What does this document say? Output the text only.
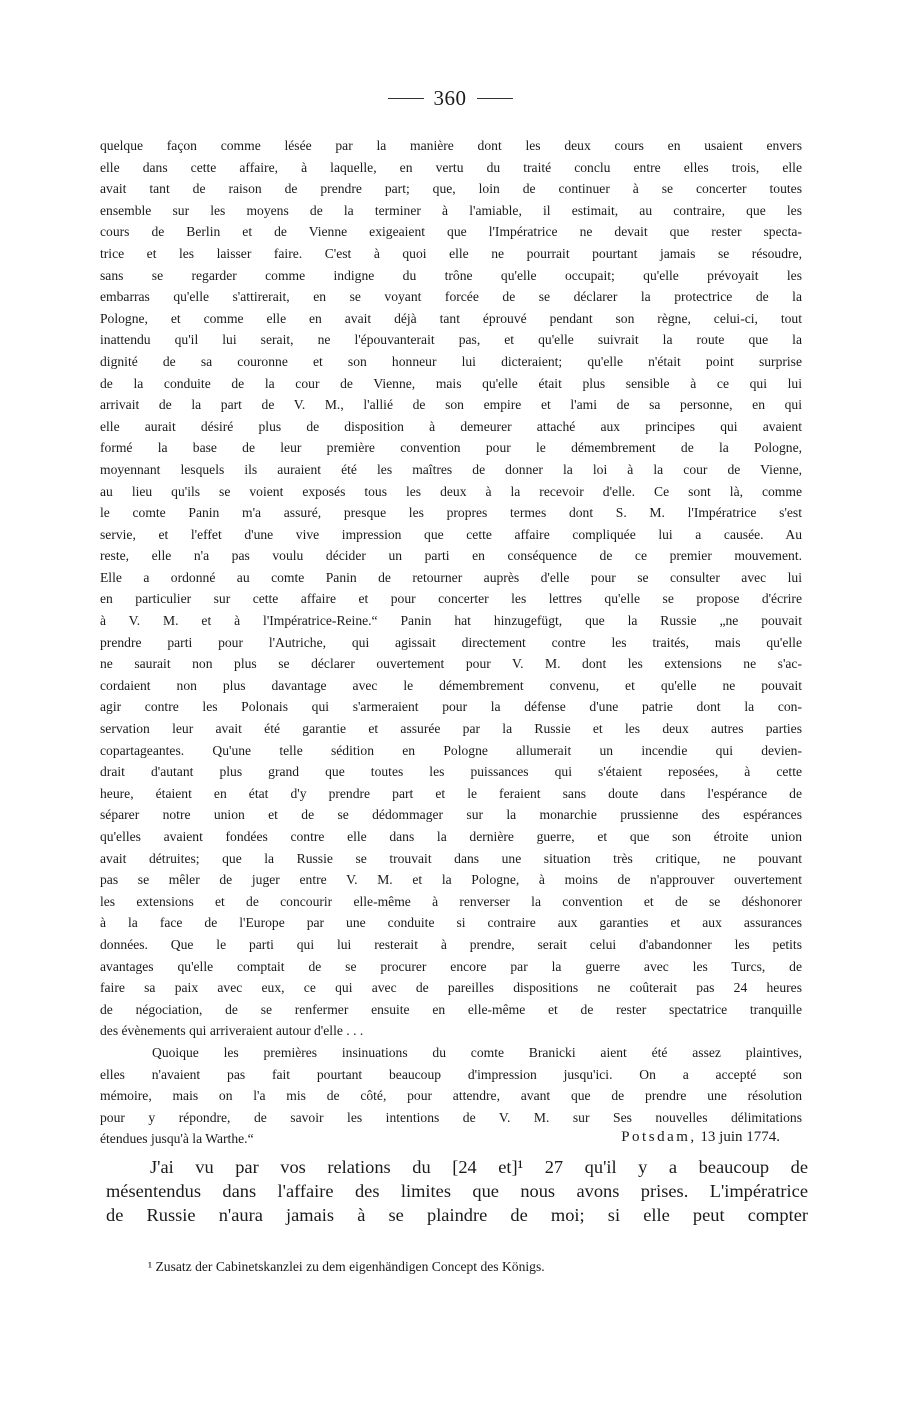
360
quelque façon comme lésée par la manière dont les deux cours en usaient envers
elle dans cette affaire, à laquelle, en vertu du traité conclu entre elles trois, elle
avait tant de raison de prendre part; que, loin de continuer à se concerter toutes
ensemble sur les moyens de la terminer à l'amiable, il estimait, au contraire, que les
cours de Berlin et de Vienne exigeaient que l'Impératrice ne devait que rester specta-
trice et les laisser faire. C'est à quoi elle ne pourrait pourtant jamais se résoudre,
sans se regarder comme indigne du trône qu'elle occupait; qu'elle prévoyait les
embarras qu'elle s'attirerait, en se voyant forcée de se déclarer la protectrice de la
Pologne, et comme elle en avait déjà tant éprouvé pendant son règne, celui-ci, tout
inattendu qu'il lui serait, ne l'épouvanterait pas, et qu'elle suivrait la route que la
dignité de sa couronne et son honneur lui dicteraient; qu'elle n'était point surprise
de la conduite de la cour de Vienne, mais qu'elle était plus sensible à ce qui lui
arrivait de la part de V. M., l'allié de son empire et l'ami de sa personne, en qui
elle aurait désiré plus de disposition à demeurer attaché aux principes qui avaient
formé la base de leur première convention pour le démembrement de la Pologne,
moyennant lesquels ils auraient été les maîtres de donner la loi à la cour de Vienne,
au lieu qu'ils se voient exposés tous les deux à la recevoir d'elle. Ce sont là, comme
le comte Panin m'a assuré, presque les propres termes dont S. M. l'Impératrice s'est
servie, et l'effet d'une vive impression que cette affaire compliquée lui a causée. Au
reste, elle n'a pas voulu décider un parti en conséquence de ce premier mouvement.
Elle a ordonné au comte Panin de retourner auprès d'elle pour se consulter avec lui
en particulier sur cette affaire et pour concerter les lettres qu'elle se propose d'écrire
à V. M. et à l'Impératrice-Reine.“ Panin hat hinzugefügt, que la Russie „ne pouvait
prendre parti pour l'Autriche, qui agissait directement contre les traités, mais qu'elle
ne saurait non plus se déclarer ouvertement pour V. M. dont les extensions ne s'ac-
cordaient non plus davantage avec le démembrement convenu, et qu'elle ne pouvait
agir contre les Polonais qui s'armeraient pour la défense d'une patrie dont la con-
servation leur avait été garantie et assurée par la Russie et les deux autres parties
copartageantes. Qu'une telle sédition en Pologne allumerait un incendie qui devien-
drait d'autant plus grand que toutes les puissances qui s'étaient reposées, à cette
heure, étaient en état d'y prendre part et le feraient sans doute dans l'espérance de
séparer notre union et de se dédommager sur la monarchie prussienne des espérances
qu'elles avaient fondées contre elle dans la dernière guerre, et que son étroite union
avait détruites; que la Russie se trouvait dans une situation très critique, ne pouvant
pas se mêler de juger entre V. M. et la Pologne, à moins de n'approuver ouvertement
les extensions et de concourir elle-même à renverser la convention et de se déshonorer
à la face de l'Europe par une conduite si contraire aux garanties et aux assurances
données. Que le parti qui lui resterait à prendre, serait celui d'abandonner les petits
avantages qu'elle comptait de se procurer encore par la guerre avec les Turcs, de
faire sa paix avec eux, ce qui avec de pareilles dispositions ne coûterait pas 24 heures
de négociation, de se renfermer ensuite en elle-même et de rester spectatrice tranquille
des évènements qui arriveraient autour d'elle . . .
Quoique les premières insinuations du comte Branicki aient été assez plaintives,
elles n'avaient pas fait pourtant beaucoup d'impression jusqu'ici. On a accepté son
mémoire, mais on l'a mis de côté, pour attendre, avant que de prendre une résolution
pour y répondre, de savoir les intentions de V. M. sur Ses nouvelles délimitations
étendues jusqu'à la Warthe.“	Potsdam, 13 juin 1774.
J'ai vu par vos relations du [24 et]¹ 27 qu'il y a beaucoup de
mésentendus dans l'affaire des limites que nous avons prises. L'impératrice
de Russie n'aura jamais à se plaindre de moi; si elle peut compter
¹ Zusatz der Cabinetskanzlei zu dem eigenhändigen Concept des Königs.
